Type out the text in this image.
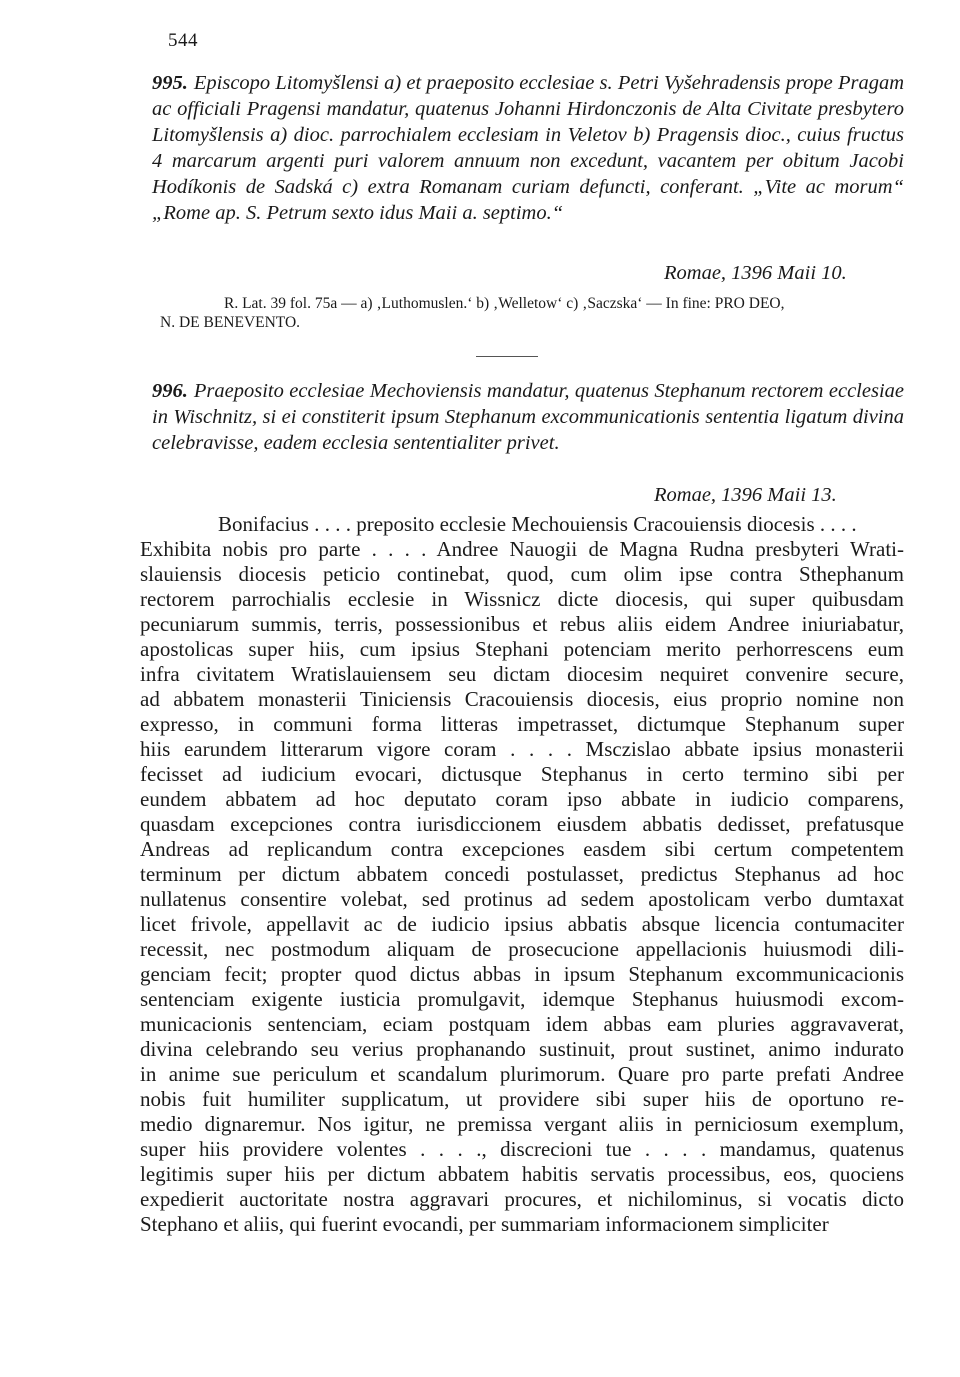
544
995. Episcopo Litomyšlensi a) et praeposito ecclesiae s. Petri Vyšehradensis prope Pragam ac officiali Pragensi mandatur, quatenus Johanni Hirdonczonis de Alta Civitate presbytero Litomyšlensis a) dioc. parrochialem ecclesiam in Veletov b) Pragensis dioc., cuius fructus 4 marcarum argenti puri valorem annuum non excedunt, vacantem per obitum Jacobi Hodíkonis de Sadská c) extra Romanam curiam defuncti, conferant. „Vite ac morum“ „Rome ap. S. Petrum sexto idus Maii a. septimo.“
Romae, 1396 Maii 10.
R. Lat. 39 fol. 75a — a) ‚Luthomuslen.‘ b) ‚Welletow‘ c) ‚Saczska‘ — In fine: PRO DEO,
N. DE BENEVENTO.
996. Praeposito ecclesiae Mechoviensis mandatur, quatenus Stephanum rectorem ecclesiae in Wischnitz, si ei constiterit ipsum Stephanum excommunicationis sententia ligatum divina celebravisse, eadem ecclesia sententialiter privet.
Romae, 1396 Maii 13.
Bonifacius . . . . preposito ecclesie Mechouiensis Cracouiensis diocesis . . . .
Exhibita nobis pro parte . . . . Andree Nauogii de Magna Rudna presbyteri Wrati-
slauiensis diocesis peticio continebat, quod, cum olim ipse contra Sthephanum
rectorem parrochialis ecclesie in Wissnicz dicte diocesis, qui super quibusdam
pecuniarum summis, terris, possessionibus et rebus aliis eidem Andree iniuriabatur,
apostolicas super hiis, cum ipsius Stephani potenciam merito perhorrescens eum
infra civitatem Wratislauiensem seu dictam diocesim nequiret convenire secure,
ad abbatem monasterii Tiniciensis Cracouiensis diocesis, eius proprio nomine non
expresso, in communi forma litteras impetrasset, dictumque Stephanum super
hiis earundem litterarum vigore coram . . . . Msczislao abbate ipsius monasterii
fecisset ad iudicium evocari, dictusque Stephanus in certo termino sibi per
eundem abbatem ad hoc deputato coram ipso abbate in iudicio comparens,
quasdam excepciones contra iurisdiccionem eiusdem abbatis dedisset, prefatusque
Andreas ad replicandum contra excepciones easdem sibi certum competentem
terminum per dictum abbatem concedi postulasset, predictus Stephanus ad hoc
nullatenus consentire volebat, sed protinus ad sedem apostolicam verbo dumtaxat
licet frivole, appellavit ac de iudicio ipsius abbatis absque licencia contumaciter
recessit, nec postmodum aliquam de prosecucione appellacionis huiusmodi dili-
genciam fecit; propter quod dictus abbas in ipsum Stephanum excommunicacionis
sentenciam exigente iusticia promulgavit, idemque Stephanus huiusmodi excom-
municacionis sentenciam, eciam postquam idem abbas eam pluries aggravaverat,
divina celebrando seu verius prophanando sustinuit, prout sustinet, animo indurato
in anime sue periculum et scandalum plurimorum. Quare pro parte prefati Andree
nobis fuit humiliter supplicatum, ut providere sibi super hiis de oportuno re-
medio dignaremur. Nos igitur, ne premissa vergant aliis in perniciosum exemplum,
super hiis providere volentes . . . ., discrecioni tue . . . . mandamus, quatenus
legitimis super hiis per dictum abbatem habitis servatis processibus, eos, quociens
expedierit auctoritate nostra aggravari procures, et nichilominus, si vocatis dicto
Stephano et aliis, qui fuerint evocandi, per summariam informacionem simpliciter
